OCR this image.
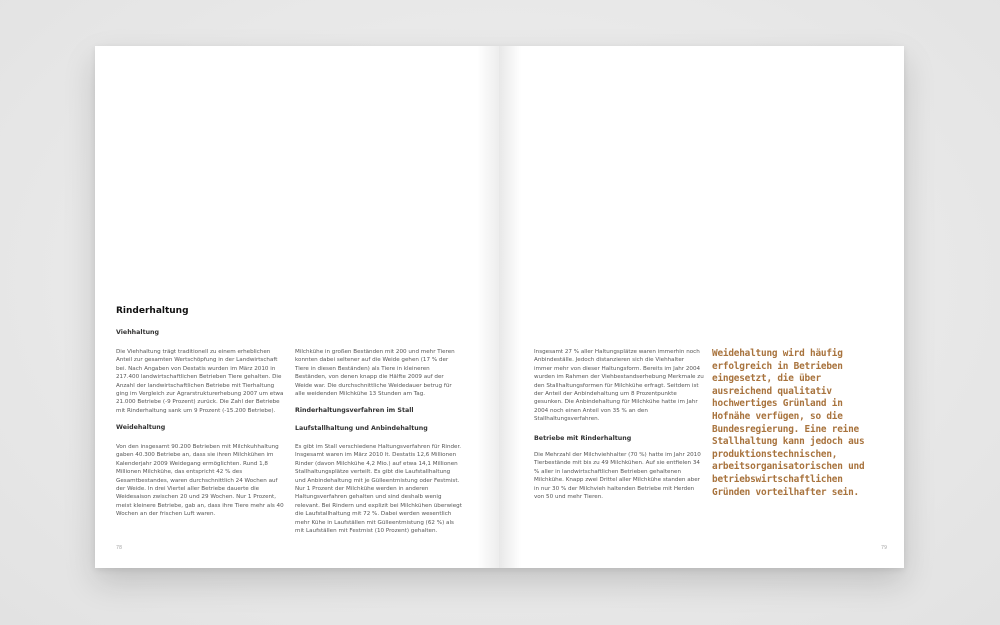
Rinderhaltung
Viehhaltung

Die Viehhaltung trägt traditionell zu einem erheblichen Anteil zur gesamten Wertschöpfung in der Landwirtschaft bei. Nach Angaben von Destatis wurden im März 2010 in 217.400 landwirtschaftlichen Betrieben Tiere gehalten. Die Anzahl der landwirtschaftlichen Betriebe mit Tierhaltung ging im Vergleich zur Agrarstrukturerhebung 2007 um etwa 21.000 Betriebe (-9 Prozent) zurück. Die Zahl der Betriebe mit Rinderhaltung sank um 9 Prozent (-15.200 Betriebe).

Weidehaltung

Von den insgesamt 90.200 Betrieben mit Milchkuhhaltung gaben 40.300 Betriebe an, dass sie ihren Milchkühen im Kalenderjahr 2009 Weidegang ermöglichten. Rund 1,8 Millionen Milchkühe, das entspricht 42 % des Gesamtbestandes, waren durchschnittlich 24 Wochen auf der Weide. In drei Viertel aller Betriebe dauerte die Weidesaison zwischen 20 und 29 Wochen. Nur 1 Prozent, meist kleinere Betriebe, gab an, dass ihre Tiere mehr als 40 Wochen an der frischen Luft waren.

Milchkühe in großen Beständen mit 200 und mehr Tieren konnten dabei seltener auf die Weide gehen (17 % der Tiere in diesen Beständen) als Tiere in kleineren Beständen, von denen knapp die Hälfte 2009 auf der Weide war. Die durchschnittliche Weidedauer betrug für alle weidenden Milchkühe 13 Stunden am Tag.

Rinderhaltungsverfahren im Stall
Laufstallhaltung und Anbindehaltung

Es gibt im Stall verschiedene Haltungsverfahren für Rinder. Insgesamt waren im März 2010 lt. Destatis 12,6 Millionen Rinder (davon Milchkühe 4,2 Mio.) auf etwa 14,1 Millionen Stallhaltungsplätze verteilt. Es gibt die Laufstallhaltung und Anbindehaltung mit je Gülleentmistung oder Festmist. Nur 1 Prozent der Milchkühe werden in anderen Haltungsverfahren gehalten und sind deshalb wenig relevant. Bei Rindern und explizit bei Milchkühen überwiegt die Laufstallhaltung mit 72 %. Dabei werden wesentlich mehr Kühe in Laufställen mit Gülleentmistung (62 %) als mit Laufställen mit Festmist (10 Prozent) gehalten.

78

Insgesamt 27 % aller Haltungsplätze waren immerhin noch Anbindeställe. Jedoch distanzieren sich die Viehhalter immer mehr von dieser Haltungsform. Bereits im Jahr 2004 wurden im Rahmen der Viehbestandserhebung Merkmale zu den Stallhaltungsformen für Milchkühe erfragt. Seitdem ist der Anteil der Anbindehaltung um 8 Prozentpunkte gesunken. Die Anbindehaltung für Milchkühe hatte im Jahr 2004 noch einen Anteil von 35 % an den Stallhaltungsverfahren.

Betriebe mit Rinderhaltung

Die Mehrzahl der Milchviehhalter (70 %) hatte im Jahr 2010 Tierbestände mit bis zu 49 Milchkühen. Auf sie entfielen 34 % aller in landwirtschaftlichen Betrieben gehaltenen Milchkühe. Knapp zwei Drittel aller Milchkühe standen aber in nur 30 % der Milchvieh haltenden Betriebe mit Herden von 50 und mehr Tieren.

Weidehaltung wird häufig erfolgreich in Betrieben eingesetzt, die über ausreichend qualitativ hochwertiges Grünland in Hofnähe verfügen, so die Bundesregierung. Eine reine Stallhaltung kann jedoch aus produktionstechnischen, arbeitsorganisatorischen und betriebswirtschaftlichen Gründen vorteilhafter sein.

79
